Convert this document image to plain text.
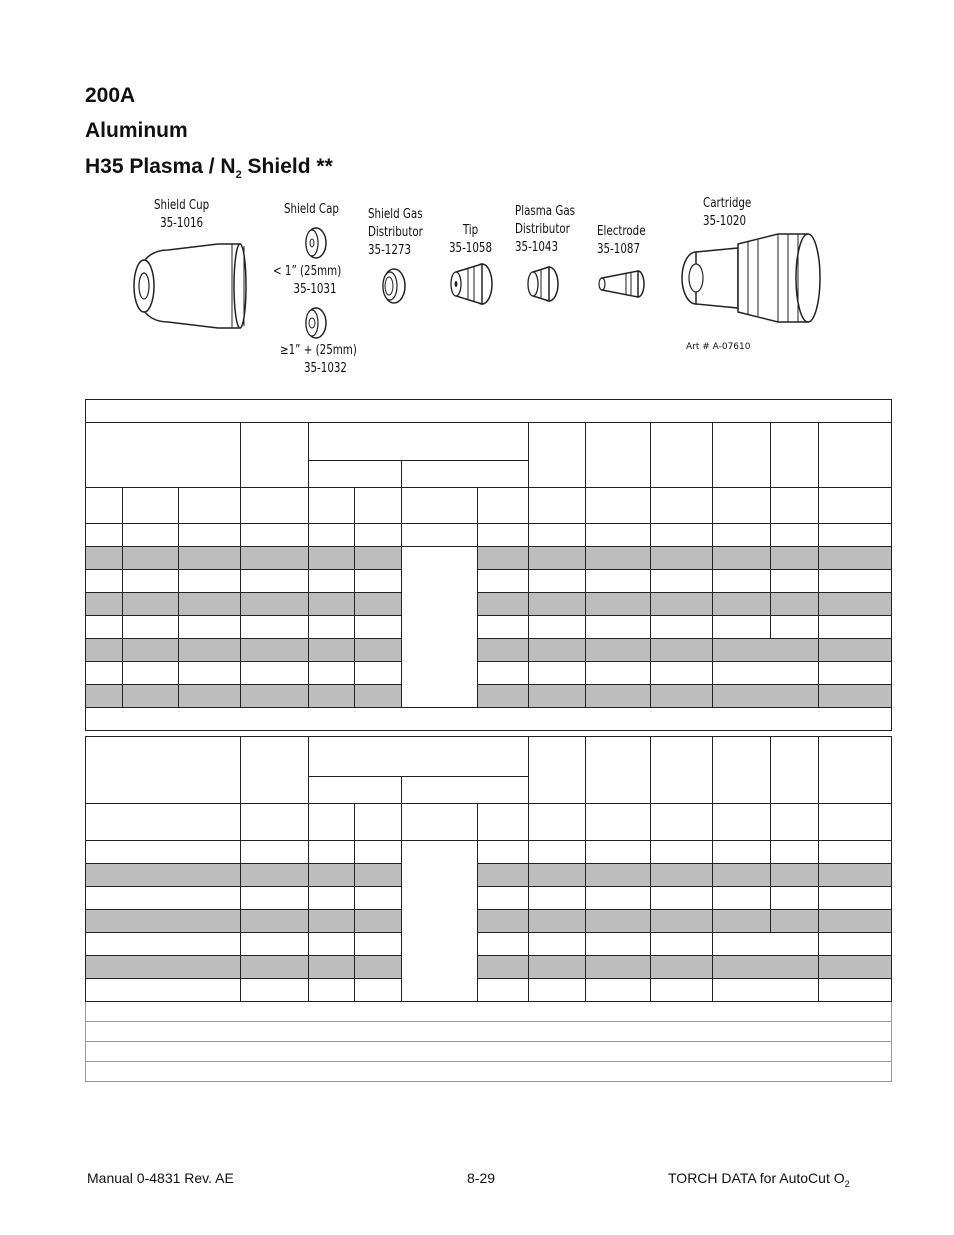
200A
Aluminum
H35 Plasma / $N_2$ Shield **
Shield Cup
35-1016
Shield Cap
< 1” (25mm)
35-1031
≥1” + (25mm)
35-1032
Shield Gas
Distributor
35-1273
Tip
35-1058
Plasma Gas
Distributor
35-1043
Electrode
35-1087
Cartridge
35-1020
Art # A-07610

Manual 0-4831 Rev. AE	8-29	TORCH DATA for AutoCut $O_2$
